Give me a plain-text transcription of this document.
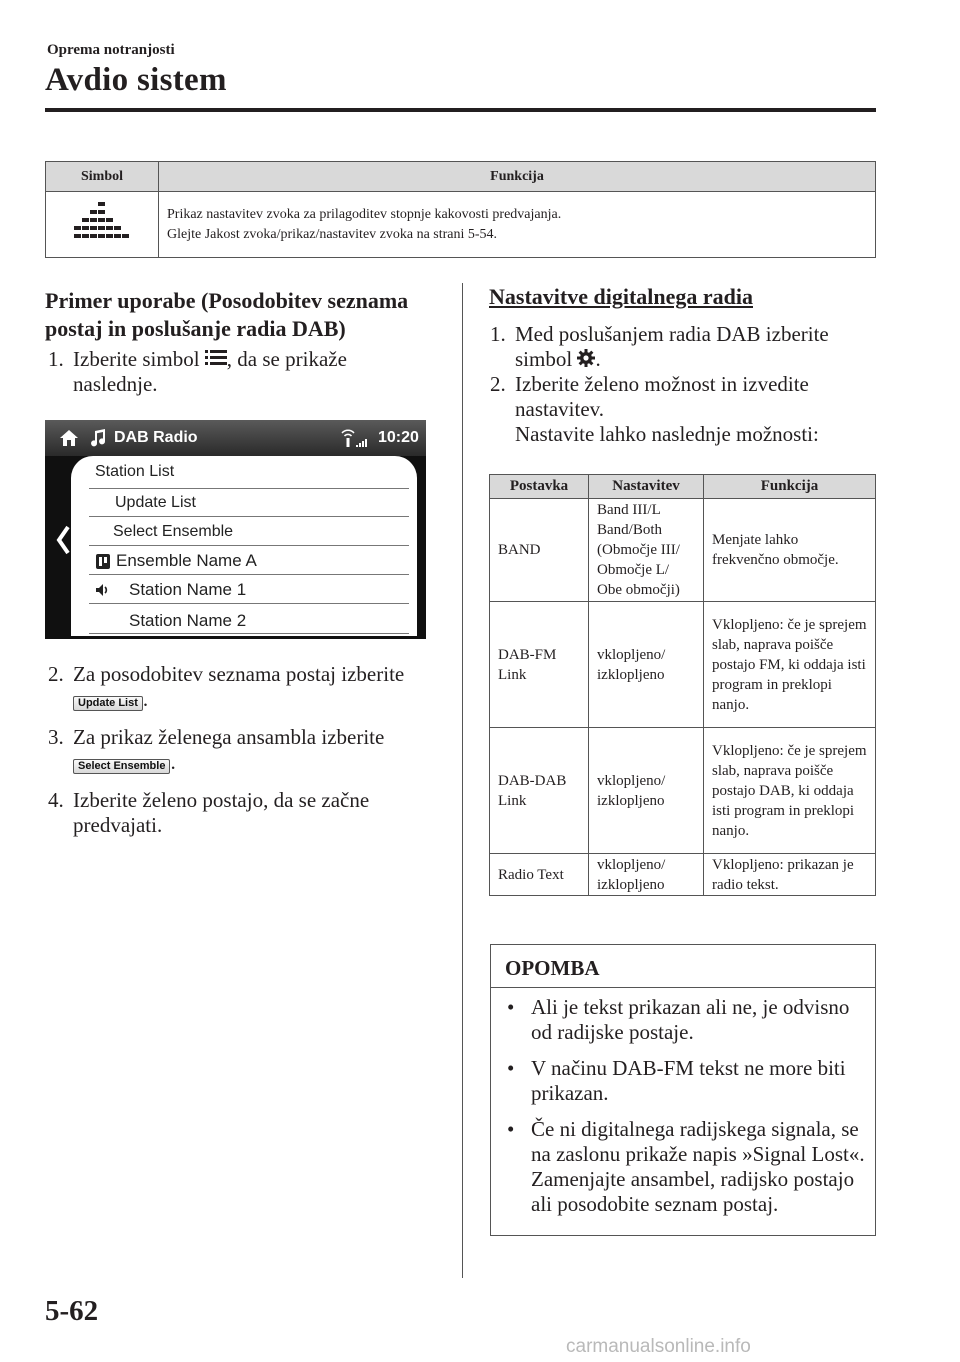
Oprema notranjosti
Avdio sistem
Simbol	Funkcija

Prikaz nastavitev zvoka za prilagoditev stopnje kakovosti predvajanja.
Glejte Jakost zvoka/prikaz/nastavitev zvoka na strani 5-54.
Primer uporabe (Posodobitev seznama postaj in poslušanje radia DAB)
1. Izberite simbol , da se prikaže naslednje.
DAB Radio	10:20
Station List
Update List
Select Ensemble
Ensemble Name A
Station Name 1
Station Name 2
2. Za posodobitev seznama postaj izberite
Update List .
3. Za prikaz želenega ansambla izberite
Select Ensemble .
4. Izberite želeno postajo, da se začne predvajati.
Nastavitve digitalnega radia
1. Med poslušanjem radia DAB izberite simbol .
2. Izberite želeno možnost in izvedite nastavitev.
Nastavite lahko naslednje možnosti:
Postavka	Nastavitev	Funkcija
BAND	Band III/L Band/Both (Območje III/ Območje L/ Obe območji)	Menjate lahko frekvenčno območje.
DAB-FM Link	vklopljeno/ izklopljeno	Vklopljeno: če je sprejem slab, naprava poišče postajo FM, ki oddaja isti program in preklopi nanjo.
DAB-DAB Link	vklopljeno/ izklopljeno	Vklopljeno: če je sprejem slab, naprava poišče postajo DAB, ki oddaja isti program in preklopi nanjo.
Radio Text	vklopljeno/ izklopljeno	Vklopljeno: prikazan je radio tekst.
OPOMBA
• Ali je tekst prikazan ali ne, je odvisno od radijske postaje.
• V načinu DAB-FM tekst ne more biti prikazan.
• Če ni digitalnega radijskega signala, se na zaslonu prikaže napis »Signal Lost«. Zamenjajte ansambel, radijsko postajo ali posodobite seznam postaj.
5-62
carmanualsonline.info
